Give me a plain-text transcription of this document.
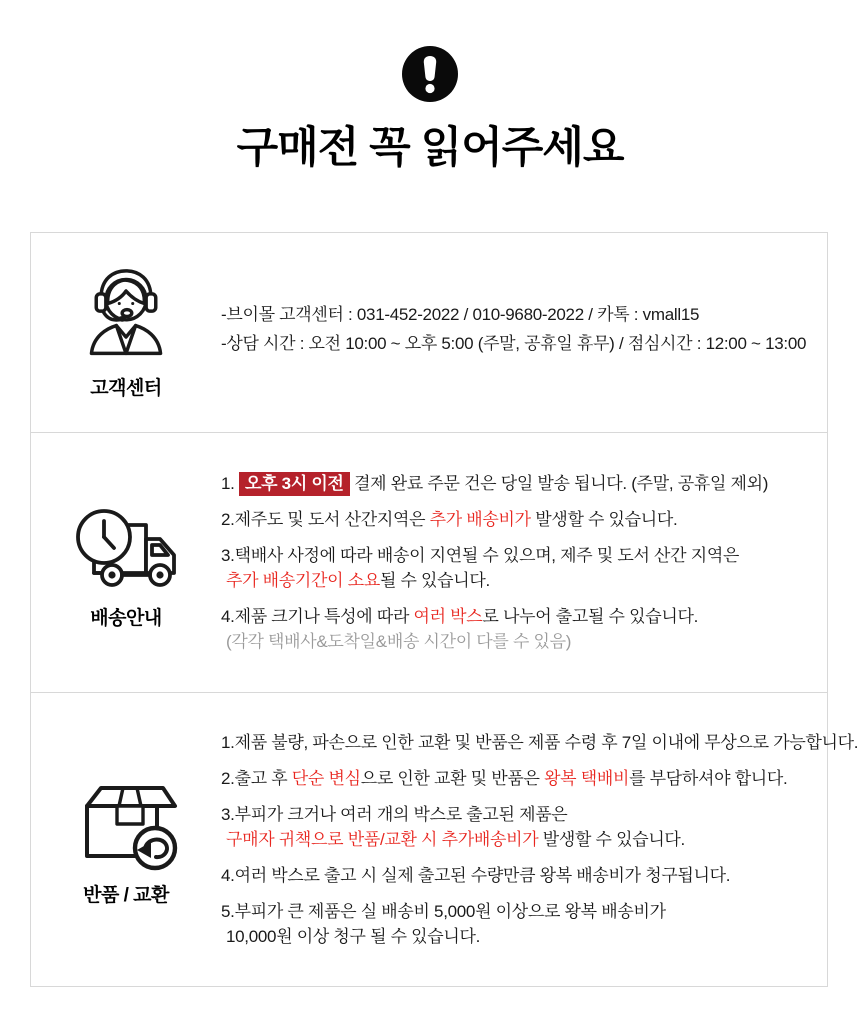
구매전 꼭 읽어주세요
고객센터
-브이몰 고객센터 : 031-452-2022 / 010-9680-2022 / 카톡 : vmall15
-상담 시간 : 오전 10:00 ~ 오후 5:00 (주말, 공휴일 휴무) / 점심시간 : 12:00 ~ 13:00
배송안내
1. 오후 3시 이전 결제 완료 주문 건은 당일 발송 됩니다. (주말, 공휴일 제외)
2.제주도 및 도서 산간지역은 추가 배송비가 발생할 수 있습니다.
3.택배사 사정에 따라 배송이 지연될 수 있으며, 제주 및 도서 산간 지역은
추가 배송기간이 소요될 수 있습니다.
4.제품 크기나 특성에 따라 여러 박스로 나누어 출고될 수 있습니다.
(각각 택배사&도착일&배송 시간이 다를 수 있음)
반품 / 교환
1.제품 불량, 파손으로 인한 교환 및 반품은 제품 수령 후 7일 이내에 무상으로 가능합니다.
2.출고 후 단순 변심으로 인한 교환 및 반품은 왕복 택배비를 부담하셔야 합니다.
3.부피가 크거나 여러 개의 박스로 출고된 제품은
구매자 귀책으로 반품/교환 시 추가배송비가 발생할 수 있습니다.
4.여러 박스로 출고 시 실제 출고된 수량만큼 왕복 배송비가 청구됩니다.
5.부피가 큰 제품은 실 배송비 5,000원 이상으로 왕복 배송비가
10,000원 이상 청구 될 수 있습니다.
